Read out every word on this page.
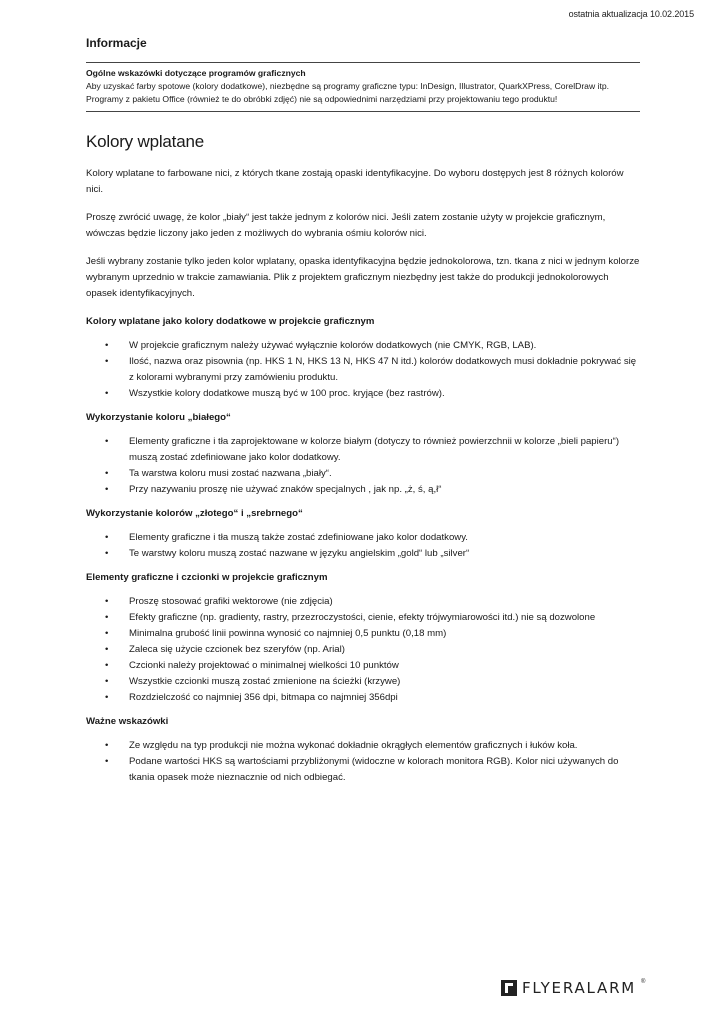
ostatnia aktualizacja 10.02.2015
Informacje
Ogólne wskazówki dotyczące programów graficznych
Aby uzyskać farby spotowe (kolory dodatkowe), niezbędne są programy graficzne typu: InDesign, Illustrator, QuarkXPress, CorelDraw itp.
Programy z pakietu Office (również te do obróbki zdjęć) nie są odpowiednimi narzędziami przy projektowaniu tego produktu!
Kolory wplatane

Kolory wplatane to farbowane nici, z których tkane zostają opaski identyfikacyjne. Do wyboru dostępych jest 8 różnych kolorów nici.

Proszę zwrócić uwagę, że kolor „biały“ jest także jednym z kolorów nici. Jeśli zatem zostanie użyty w projekcie graficznym, wówczas będzie liczony jako jeden z możliwych do wybrania ośmiu kolorów nici.

Jeśli wybrany zostanie tylko jeden kolor wplatany, opaska identyfikacyjna będzie jednokolorowa, tzn. tkana z nici w jednym kolorze wybranym uprzednio w trakcie zamawiania. Plik z projektem graficznym niezbędny jest także do produkcji jednokolorowych opasek identyfikacyjnych.

Kolory wplatane jako kolory dodatkowe w projekcie graficznym
• W projekcie graficznym należy używać wyłącznie kolorów dodatkowych (nie CMYK, RGB, LAB).
• Ilość, nazwa oraz pisownia (np. HKS 1 N, HKS 13 N, HKS 47 N itd.) kolorów dodatkowych musi dokładnie pokrywać się z kolorami wybranymi przy zamówieniu produktu.
• Wszystkie kolory dodatkowe muszą być w 100 proc. kryjące (bez rastrów).
Wykorzystanie koloru „białego“
• Elementy graficzne i tła zaprojektowane w kolorze białym (dotyczy to również powierzchnii w kolorze „bieli papieru“) muszą zostać zdefiniowane jako kolor dodatkowy.
• Ta warstwa koloru musi zostać nazwana „biały“.
• Przy nazywaniu proszę nie używać znaków specjalnych , jak np. „ż, ś, ą,ł“
Wykorzystanie kolorów „złotego“ i „srebrnego“
• Elementy graficzne i tła muszą także zostać zdefiniowane jako kolor dodatkowy.
• Te warstwy koloru muszą zostać nazwane w języku angielskim „gold“ lub „silver“
Elementy graficzne i czcionki w projekcie graficznym
• Proszę stosować grafiki wektorowe (nie zdjęcia)
• Efekty graficzne (np. gradienty, rastry, przezroczystości, cienie, efekty trójwymiarowości itd.) nie są dozwolone
• Minimalna grubość linii powinna wynosić co najmniej 0,5 punktu (0,18 mm)
• Zaleca się użycie czcionek bez szeryfów (np. Arial)
• Czcionki należy projektować o minimalnej wielkości 10 punktów
• Wszystkie czcionki muszą zostać zmienione na ścieżki (krzywe)
• Rozdzielczość co najmniej 356 dpi, bitmapa co najmniej 356dpi
Ważne wskazówki
• Ze względu na typ produkcji nie można wykonać dokładnie okrągłych elementów graficznych i łuków koła.
• Podane wartości HKS są wartościami przybliżonymi (widoczne w kolorach monitora RGB). Kolor nici używanych do tkania opasek może nieznacznie od nich odbiegać.
FLYERALARM ®
